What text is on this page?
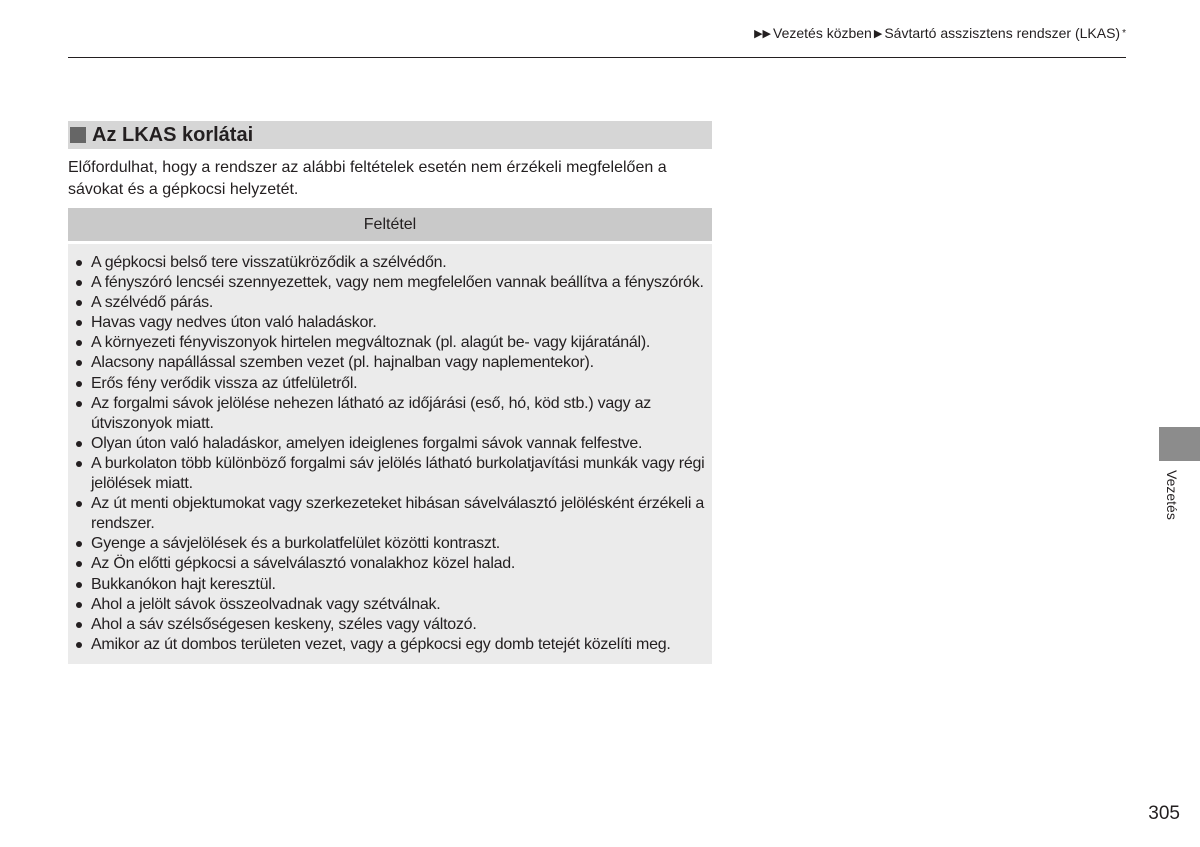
▶▶ Vezetés közben ▶ Sávtartó asszisztens rendszer (LKAS) *
Az LKAS korlátai

Előfordulhat, hogy a rendszer az alábbi feltételek esetén nem érzékeli megfelelően a sávokat és a gépkocsi helyzetét.

Feltétel
A gépkocsi belső tere visszatükröződik a szélvédőn.
A fényszóró lencséi szennyezettek, vagy nem megfelelően vannak beállítva a fényszórók.
A szélvédő párás.
Havas vagy nedves úton való haladáskor.
A környezeti fényviszonyok hirtelen megváltoznak (pl. alagút be- vagy kijáratánál).
Alacsony napállással szemben vezet (pl. hajnalban vagy naplementekor).
Erős fény verődik vissza az útfelületről.
Az forgalmi sávok jelölése nehezen látható az időjárási (eső, hó, köd stb.) vagy az útviszonyok miatt.
Olyan úton való haladáskor, amelyen ideiglenes forgalmi sávok vannak felfestve.
A burkolaton több különböző forgalmi sáv jelölés látható burkolatjavítási munkák vagy régi jelölések miatt.
Az út menti objektumokat vagy szerkezeteket hibásan sávelválasztó jelölésként érzékeli a rendszer.
Gyenge a sávjelölések és a burkolatfelület közötti kontraszt.
Az Ön előtti gépkocsi a sávelválasztó vonalakhoz közel halad.
Bukkanókon hajt keresztül.
Ahol a jelölt sávok összeolvadnak vagy szétválnak.
Ahol a sáv szélsőségesen keskeny, széles vagy változó.
Amikor az út dombos területen vezet, vagy a gépkocsi egy domb tetejét közelíti meg.
Vezetés
305
